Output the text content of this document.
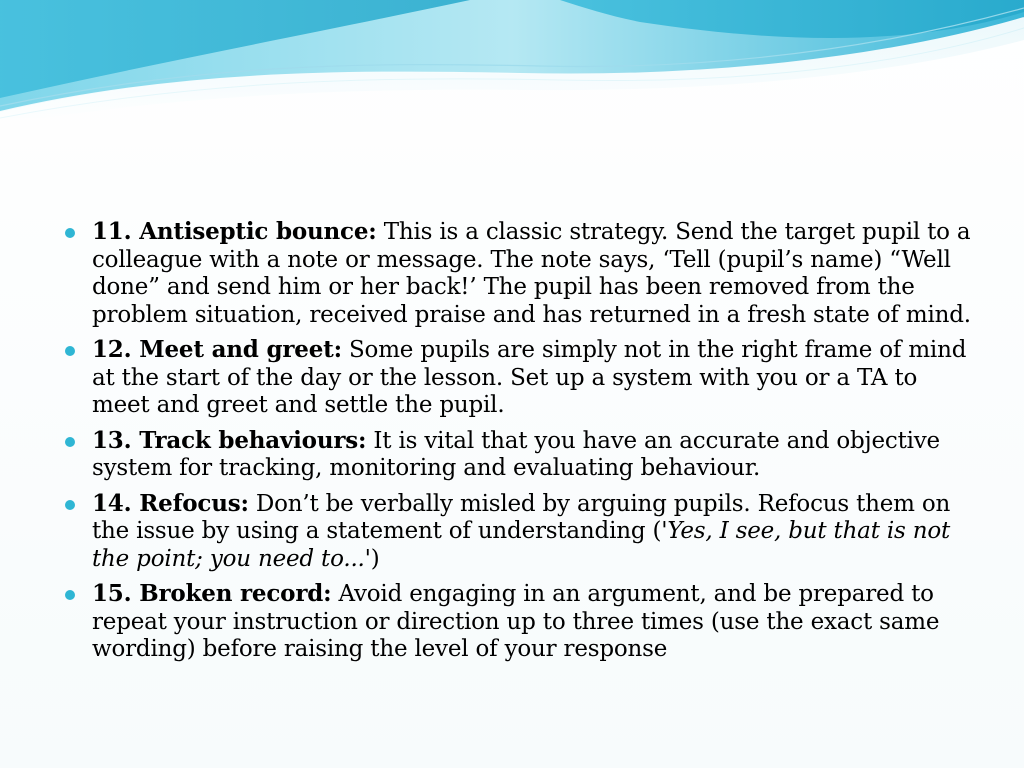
11. Antiseptic bounce: This is a classic strategy. Send the target pupil to a colleague with a note or message. The note says, ‘Tell (pupil’s name) “Well done” and send him or her back!’ The pupil has been removed from the problem situation, received praise and has returned in a fresh state of mind.
12. Meet and greet: Some pupils are simply not in the right frame of mind at the start of the day or the lesson. Set up a system with you or a TA to meet and greet and settle the pupil.
13. Track behaviours: It is vital that you have an accurate and objective system for tracking, monitoring and evaluating behaviour.
14. Refocus: Don’t be verbally misled by arguing pupils. Refocus them on the issue by using a statement of understanding ('Yes, I see, but that is not the point; you need to...')
15. Broken record: Avoid engaging in an argument, and be prepared to repeat your instruction or direction up to three times (use the exact same wording) before raising the level of your response
